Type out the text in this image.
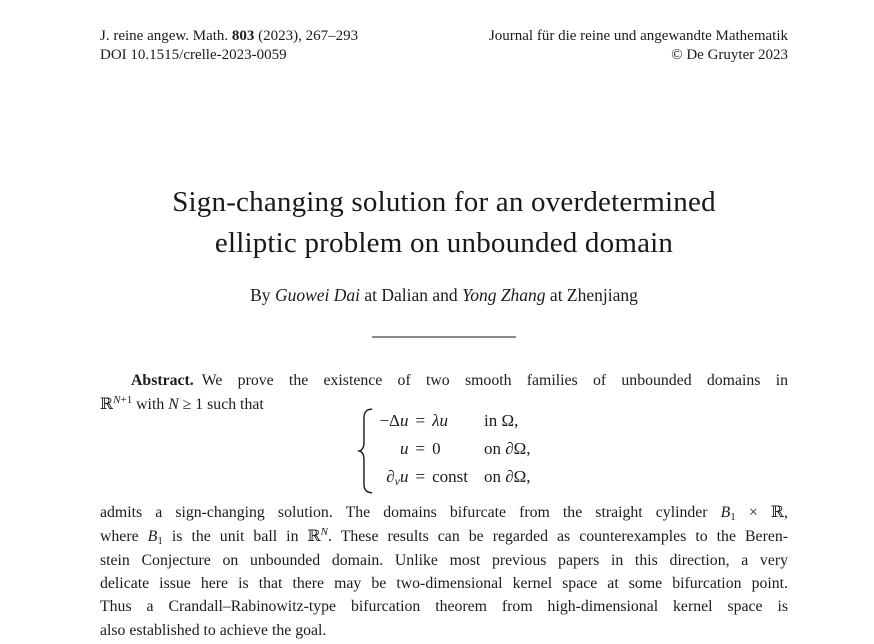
J. reine angew. Math. 803 (2023), 267–293
DOI 10.1515/crelle-2023-0059
Journal für die reine und angewandte Mathematik
© De Gruyter 2023
Sign-changing solution for an overdetermined
elliptic problem on unbounded domain
By Guowei Dai at Dalian and Yong Zhang at Zhenjiang
Abstract. We prove the existence of two smooth families of unbounded domains in
ℝ$^{N+1}$ with N ≥ 1 such that
−Δu = λu	in Ω,
u = 0	on ∂Ω,
∂νu = const on ∂Ω,
admits a sign-changing solution. The domains bifurcate from the straight cylinder $B_1$ × ℝ,
where $B_1$ is the unit ball in ℝ$^N$. These results can be regarded as counterexamples to the Beren-
stein Conjecture on unbounded domain. Unlike most previous papers in this direction, a very
delicate issue here is that there may be two-dimensional kernel space at some bifurcation point.
Thus a Crandall–Rabinowitz-type bifurcation theorem from high-dimensional kernel space is
also established to achieve the goal.
